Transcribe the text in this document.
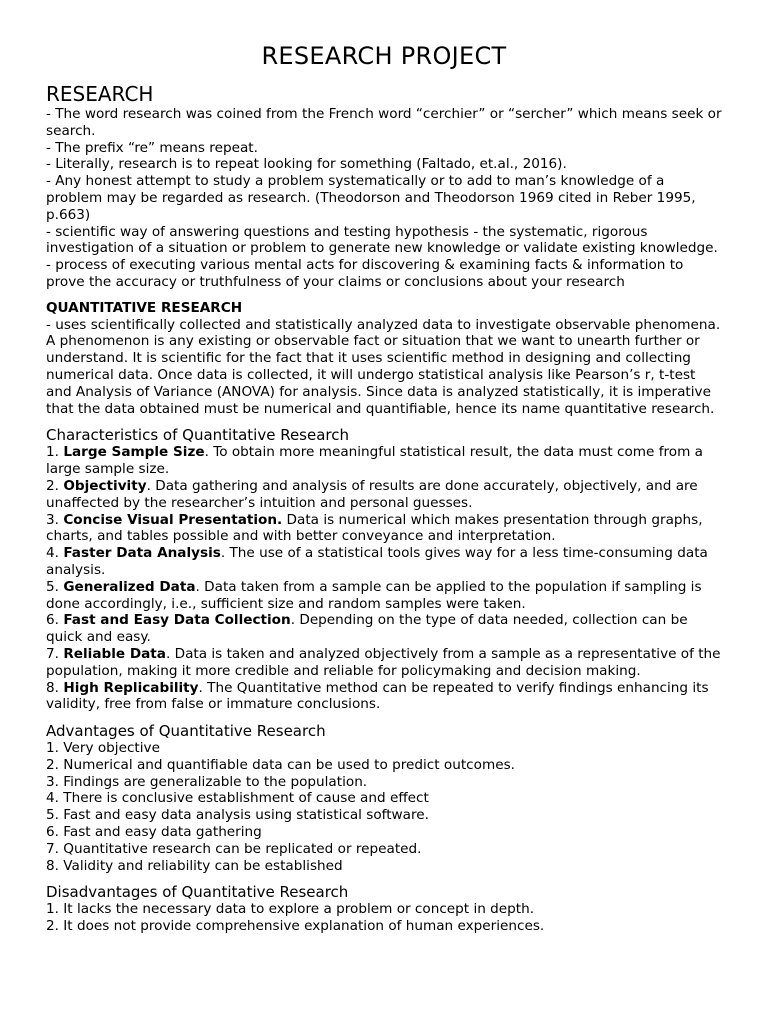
RESEARCH PROJECT
RESEARCH

- The word research was coined from the French word “cerchier” or “sercher” which means seek or search.

- The prefix “re” means repeat.

- Literally, research is to repeat looking for something (Faltado, et.al., 2016).

- Any honest attempt to study a problem systematically or to add to man’s knowledge of a problem may be regarded as research. (Theodorson and Theodorson 1969 cited in Reber 1995, p.663)

- scientific way of answering questions and testing hypothesis - the systematic, rigorous investigation of a situation or problem to generate new knowledge or validate existing knowledge.

- process of executing various mental acts for discovering & examining facts & information to prove the accuracy or truthfulness of your claims or conclusions about your research

QUANTITATIVE RESEARCH

- uses scientifically collected and statistically analyzed data to investigate observable phenomena. A phenomenon is any existing or observable fact or situation that we want to unearth further or understand. It is scientific for the fact that it uses scientific method in designing and collecting numerical data. Once data is collected, it will undergo statistical analysis like Pearson’s r, t-test and Analysis of Variance (ANOVA) for analysis. Since data is analyzed statistically, it is imperative that the data obtained must be numerical and quantifiable, hence its name quantitative research.

Characteristics of Quantitative Research

1. Large Sample Size. To obtain more meaningful statistical result, the data must come from a large sample size.

2. Objectivity. Data gathering and analysis of results are done accurately, objectively, and are unaffected by the researcher’s intuition and personal guesses.

3. Concise Visual Presentation. Data is numerical which makes presentation through graphs, charts, and tables possible and with better conveyance and interpretation.

4. Faster Data Analysis. The use of a statistical tools gives way for a less time-consuming data analysis.

5. Generalized Data. Data taken from a sample can be applied to the population if sampling is done accordingly, i.e., sufficient size and random samples were taken.

6. Fast and Easy Data Collection. Depending on the type of data needed, collection can be quick and easy.

7. Reliable Data. Data is taken and analyzed objectively from a sample as a representative of the population, making it more credible and reliable for policymaking and decision making.

8. High Replicability. The Quantitative method can be repeated to verify findings enhancing its validity, free from false or immature conclusions.

Advantages of Quantitative Research

1. Very objective

2. Numerical and quantifiable data can be used to predict outcomes.

3. Findings are generalizable to the population.

4. There is conclusive establishment of cause and effect

5. Fast and easy data analysis using statistical software.

6. Fast and easy data gathering

7. Quantitative research can be replicated or repeated.

8. Validity and reliability can be established

Disadvantages of Quantitative Research

1. It lacks the necessary data to explore a problem or concept in depth.

2. It does not provide comprehensive explanation of human experiences.
